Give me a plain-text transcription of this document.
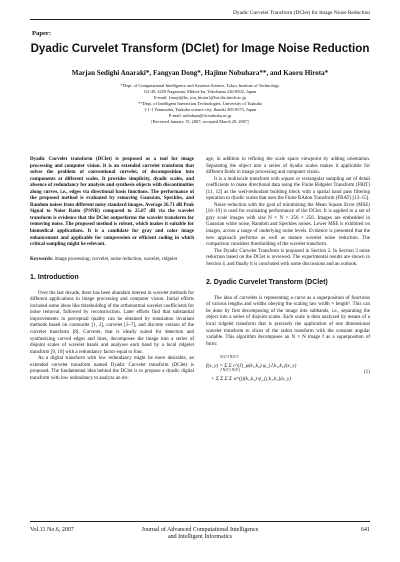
Dyadic Curvelet Transform (DClet) for Image Noise Reduction
Paper:
Dyadic Curvelet Transform (DClet) for Image Noise Reduction
Marjan Sedighi Anaraki*, Fangyan Dong*, Hajime Nobuhara**, and Kaoru Hirota*
*Dept. of Computational Intelligence and Systems Science, Tokyo Institute of Technology
G3-49, 4259 Nagatsuta, Midori-ku, Yokohama 226-8502, Japan
E-mail: {marji@hc, tou, hirota}@hrt.dis.titech.ac.jp
**Dept. of Intelligent Interaction Technologies, University of Tsukuba
1-1-1 Tennoudai, Tsukuba science city, Ibaraki 305-8573, Japan
E-mail: nobuhara@iit.tsukuba.ac.jp
[Received January 15, 2007; accepted March 20, 2007]
Dyadic Curvelet transform (DClet) is proposed as a tool for image processing and computer vision. It is an extended curvelet transform that solves the problem of conventional curvelet, of decomposition into components at different scales. It provides simplicity, dyadic scales, and absence of redundancy for analysis and synthesis objects with discontinuities along curves, i.e., edges via directional basis functions. The performance of the proposed method is evaluated by removing Gaussian, Speckles, and Random noises from different noisy standard images. Average 26.71 dB Peak Signal to Noise Ratio (PSNR) compared to 25.87 dB via the wavelet transform is evidence that the DClet outperforms the wavelet transform for removing noise. The proposed method is robust, which makes it suitable for biomedical applications. It is a candidate for gray and color image enhancement and applicable for compression or efficient coding in which critical sampling might be relevant.
Keywords: image processing, curvelet, noise reduction, wavelet, ridgelet
1. Introduction
Over the last decade, there has been abundant interest in wavelet methods for different applications in image processing and computer vision. Initial efforts included some ideas like thresholding of the orthonormal wavelet coefficients for noise removal, followed by reconstruction. Later efforts find that substantial improvements in perceptual quality can be obtained by translation invariant methods based on contourlet [1, 2], curvelet [3–7], and discrete version of the curvelet transform [8]. Curvelet, that is ideally suited for detection and synthesizing curved edges and lines, decomposes the image into a series of disjoint scales of wavelet bands and analyses each band by a local ridgelet transform [9, 10] with a redundancy factor equal to four.
As a digital transform with low redundancy might be more desirable, an extended curvelet transform named Dyadic Curvelet transform (DClet) is proposed. The fundamental idea behind the DClet is to propose a dyadic digital transform with low redundancy to analyze an im-
age, in addition to refining the scale space viewpoint by adding orientation. Separating the object into a series of dyadic scales makes it applicable for different fields in image processing and computer vision.
It is a multiscale transform with square or rectangular sampling set of detail coefficients to make directional data using the Finite Ridgelet Transform (FRIT) [11, 12] as the well-redundant building block with a spatial band pass filtering operation to dyadic scales that uses the Finite RAdon Transform (FRAT) [13–15].
Noise reduction with the goal of minimizing the Mean Square Error (MSE) [16–19] is used for evaluating performance of the DClet. It is applied to a set of gray scale images with size N × N = 256 × 256. Images are embedded in Gaussian white noise, Random and Speckles noises. Lower MSE is exhibited on images, across a range of underlying noise levels. Evidence is presented that the new approach performs as well as mature wavelet noise reduction. The comparison considers thresholding of the wavelet transform.
The Dyadic Curvelet Transform is proposed in Section 2. In Section 3 noise reduction based on the DClet is reviewed. The experimental results are shown in Section 4, and finally it is concluded with some discussions and an outlook.
2. Dyadic Curvelet Transform (DClet)
The idea of curvelets is representing a curve as a superposition of functions of various lengths and widths obeying the scaling law width ≈ length². This can be done by first decomposing of the image into subbands, i.e., separating the object into a series of disjoint scales. Each scale is then analyzed by means of a local ridgelet transform that is precisely the application of one dimensional wavelet transform to slices of the radon transform with the constant angular variable. This algorithm decomposes an N × N image f as a superposition of form:
N/2^J N/2^J
f(x, y) = Σ Σ c^(J)_φ(k₁,k₂) φ_{J,k₁,k₂}(x, y)
J N/2^j N/2^j
+ Σ Σ Σ Σ w^(j)(k₁,k₂) ψ_{j,k₁,k₂}(x, y)
(1)
Vol.11 No.6, 2007	Journal of Advanced Computational Intelligence
and Intelligent Informatics
641
